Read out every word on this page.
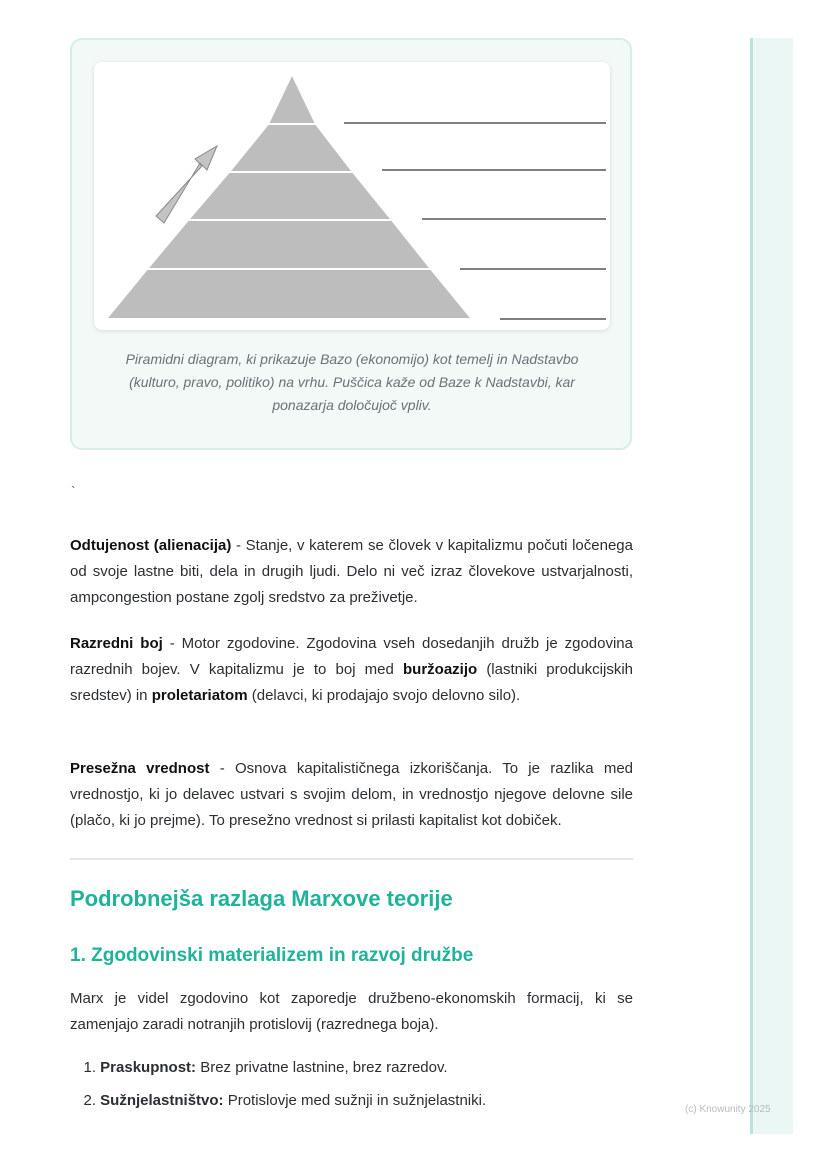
(c) Knowunity 2025
Piramidni diagram, ki prikazuje Bazo (ekonomijo) kot temelj in Nadstavbo (kulturo, pravo, politiko) na vrhu. Puščica kaže od Baze k Nadstavbi, kar ponazarja določujoč vpliv.
`

Odtujenost (alienacija) - Stanje, v katerem se človek v kapitalizmu počuti ločenega od svoje lastne biti, dela in drugih ljudi. Delo ni več izraz človekove ustvarjalnosti, ampcongestion postane zgolj sredstvo za preživetje.

Razredni boj - Motor zgodovine. Zgodovina vseh dosedanjih družb je zgodovina razrednih bojev. V kapitalizmu je to boj med buržoazijo (lastniki produkcijskih sredstev) in proletariatom (delavci, ki prodajajo svojo delovno silo).

Presežna vrednost - Osnova kapitalističnega izkoriščanja. To je razlika med vrednostjo, ki jo delavec ustvari s svojim delom, in vrednostjo njegove delovne sile (plačo, ki jo prejme). To presežno vrednost si prilasti kapitalist kot dobiček.

Podrobnejša razlaga Marxove teorije
1. Zgodovinski materializem in razvoj družbe

Marx je videl zgodovino kot zaporedje družbeno-ekonomskih formacij, ki se zamenjajo zaradi notranjih protislovij (razrednega boja).

1. Praskupnost: Brez privatne lastnine, brez razredov.
2. Sužnjelastništvo: Protislovje med sužnji in sužnjelastniki.
